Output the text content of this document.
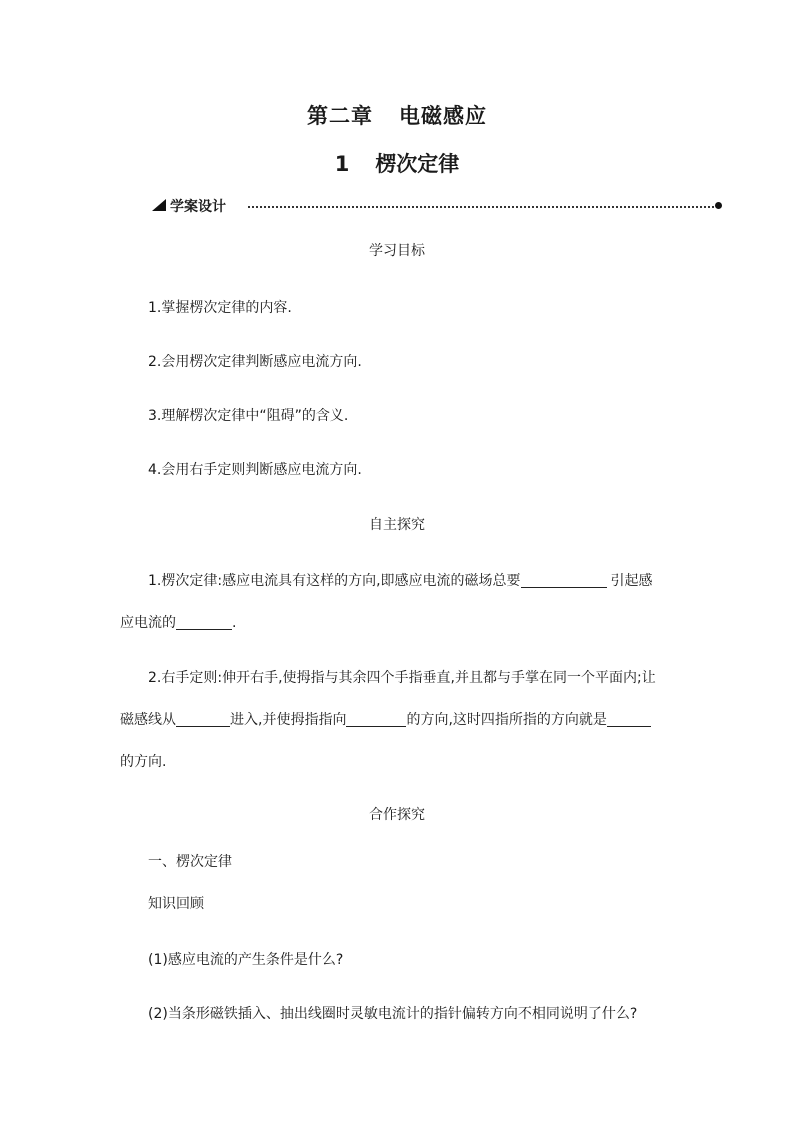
第二章 电磁感应
1 楞次定律
学案设计
学习目标
1.掌握楞次定律的内容.
2.会用楞次定律判断感应电流方向.
3.理解楞次定律中“阻碍”的含义.
4.会用右手定则判断感应电流方向.
自主探究
1.楞次定律:感应电流具有这样的方向,即感应电流的磁场总要	引起感
应电流的	.
2.右手定则:伸开右手,使拇指与其余四个手指垂直,并且都与手掌在同一个平面内;让
磁感线从	进入,并使拇指指向	的方向,这时四指所指的方向就是
的方向.
合作探究
一、楞次定律
知识回顾
(1)感应电流的产生条件是什么?
(2)当条形磁铁插入、抽出线圈时灵敏电流计的指针偏转方向不相同说明了什么?
